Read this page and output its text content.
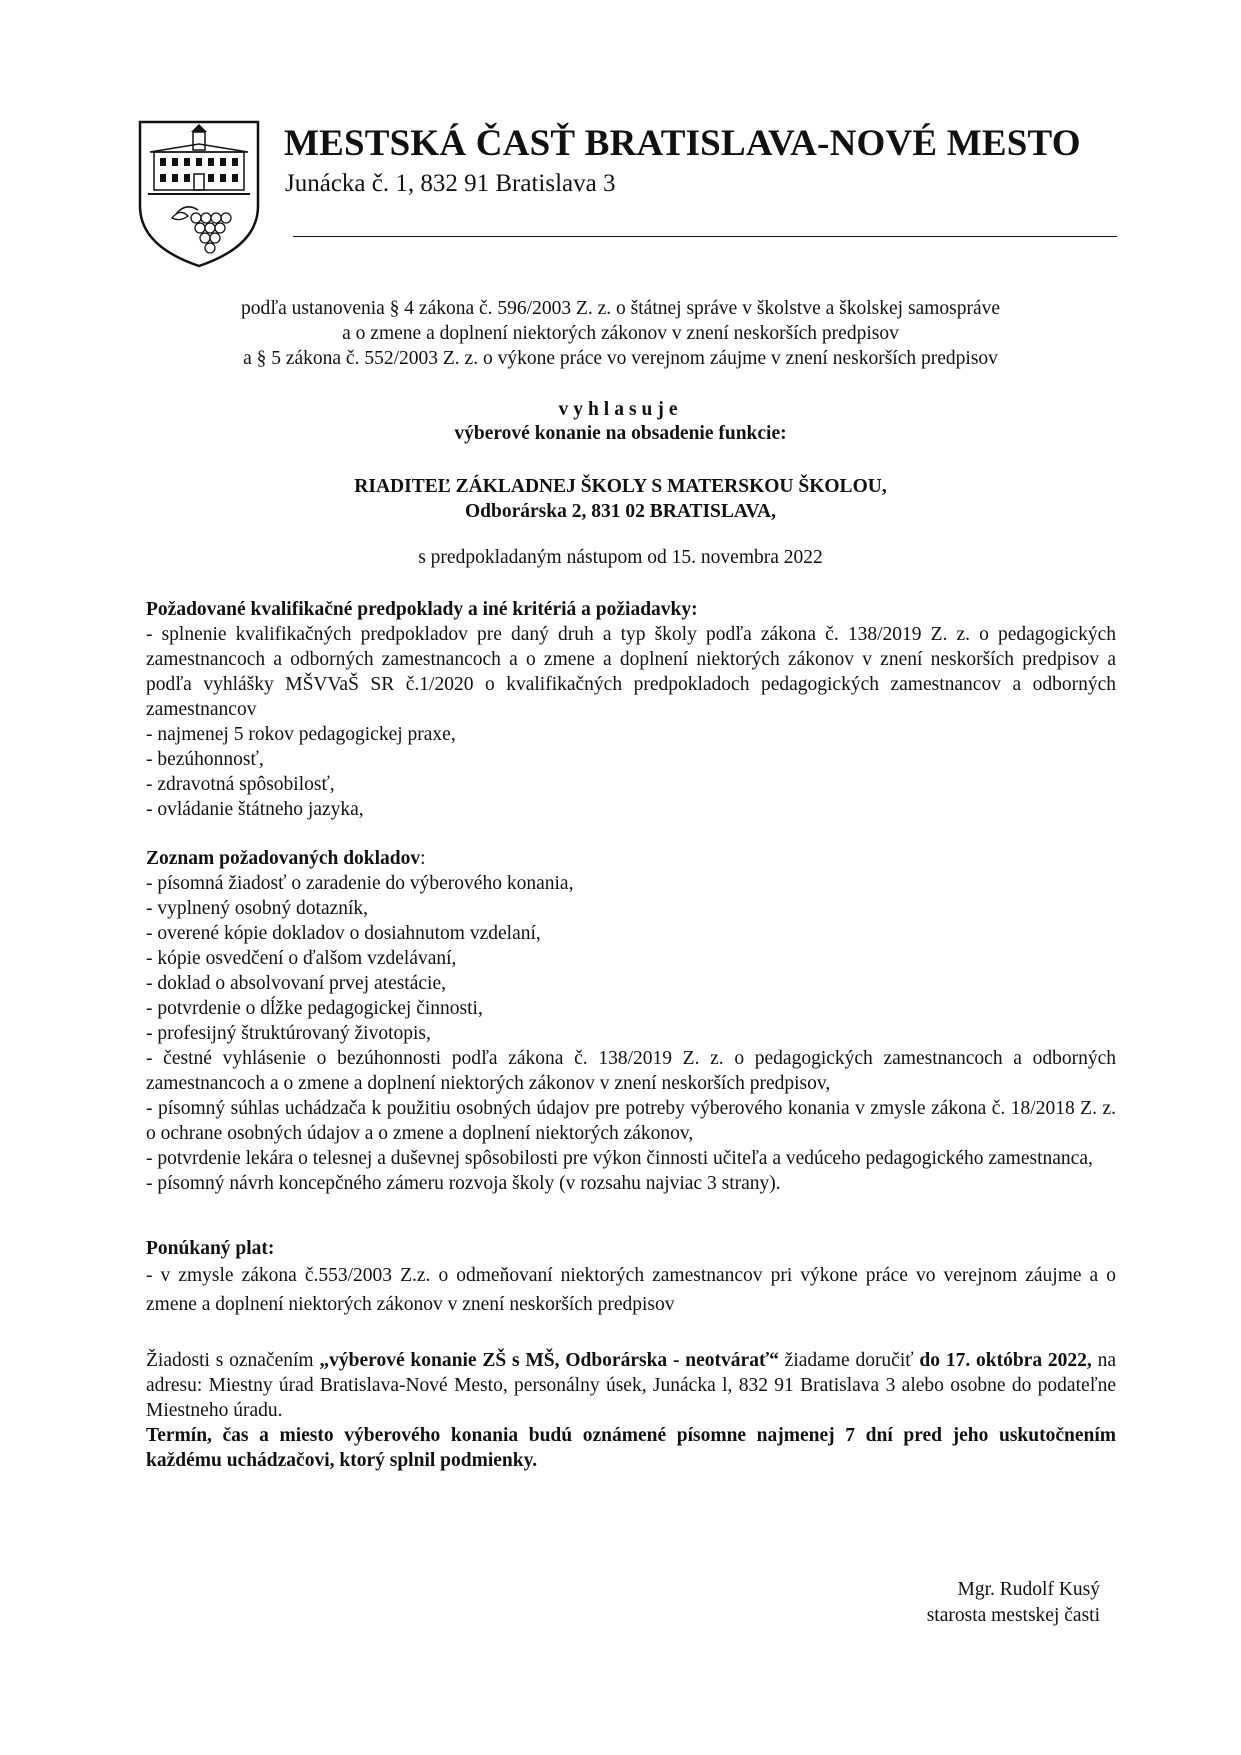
MESTSKÁ ČASŤ BRATISLAVA-NOVÉ MESTO
Junácka č. 1, 832 91 Bratislava 3
podľa ustanovenia § 4 zákona č. 596/2003 Z. z. o štátnej správe v školstve a školskej samospráve
a o zmene a doplnení niektorých zákonov v znení neskorších predpisov
a § 5 zákona č. 552/2003 Z. z. o výkone práce vo verejnom záujme v znení neskorších predpisov
vyhlasuje
výberové konanie na obsadenie funkcie:
RIADITEĽ ZÁKLADNEJ ŠKOLY S MATERSKOU ŠKOLOU,
Odborárska 2, 831 02 BRATISLAVA,
s predpokladaným nástupom od 15. novembra 2022

Požadované kvalifikačné predpoklady a iné kritériá a požiadavky:

- splnenie kvalifikačných predpokladov pre daný druh a typ školy podľa zákona č. 138/2019 Z. z. o pedagogických zamestnancoch a odborných zamestnancoch a o zmene a doplnení niektorých zákonov v znení neskorších predpisov a podľa vyhlášky MŠVVaŠ SR č.1/2020 o kvalifikačných predpokladoch pedagogických zamestnancov a odborných zamestnancov
- najmenej 5 rokov pedagogickej praxe,
- bezúhonnosť,
- zdravotná spôsobilosť,
- ovládanie štátneho jazyka,

Zoznam požadovaných dokladov:

- písomná žiadosť o zaradenie do výberového konania,
- vyplnený osobný dotazník,
- overené kópie dokladov o dosiahnutom vzdelaní,
- kópie osvedčení o ďalšom vzdelávaní,
- doklad o absolvovaní prvej atestácie,
- potvrdenie o dĺžke pedagogickej činnosti,
- profesijný štruktúrovaný životopis,
- čestné vyhlásenie o bezúhonnosti podľa zákona č. 138/2019 Z. z. o pedagogických zamestnancoch a odborných zamestnancoch a o zmene a doplnení niektorých zákonov v znení neskorších predpisov,
- písomný súhlas uchádzača k použitiu osobných údajov pre potreby výberového konania v zmysle zákona č. 18/2018 Z. z. o ochrane osobných údajov a o zmene a doplnení niektorých zákonov,
- potvrdenie lekára o telesnej a duševnej spôsobilosti pre výkon činnosti učiteľa a vedúceho pedagogického zamestnanca,
- písomný návrh koncepčného zámeru rozvoja školy (v rozsahu najviac 3 strany).

Ponúkaný plat:

- v zmysle zákona č.553/2003 Z.z. o odmeňovaní niektorých zamestnancov pri výkone práce vo verejnom záujme a o zmene a doplnení niektorých zákonov v znení neskorších predpisov

Žiadosti s označením „výberové konanie ZŠ s MŠ, Odborárska - neotvárať“ žiadame doručiť do 17. októbra 2022, na adresu: Miestny úrad Bratislava-Nové Mesto, personálny úsek, Junácka l, 832 91 Bratislava 3 alebo osobne do podateľne Miestneho úradu.

Termín, čas a miesto výberového konania budú oznámené písomne najmenej 7 dní pred jeho uskutočnením každému uchádzačovi, ktorý splnil podmienky.

Mgr. Rudolf Kusý
starosta mestskej časti
